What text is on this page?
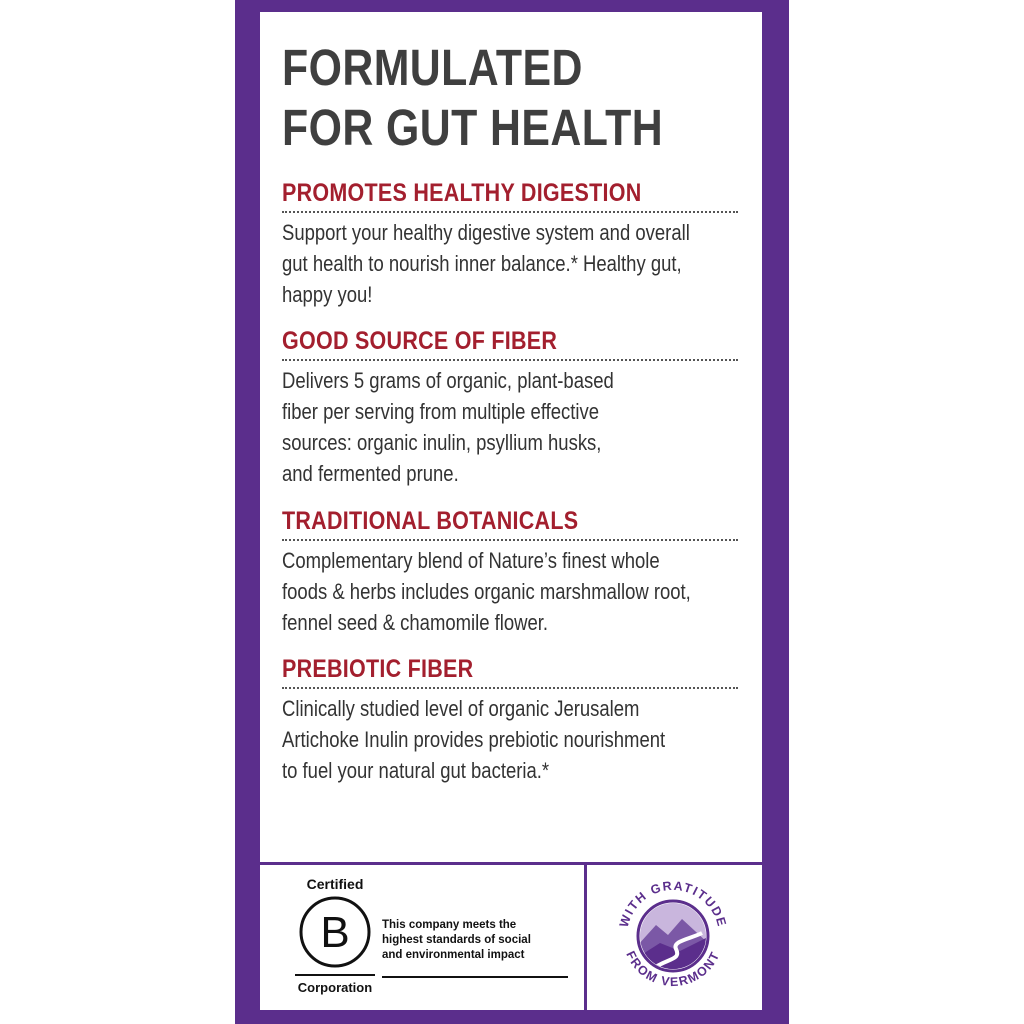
FORMULATED
FOR GUT HEALTH
PROMOTES HEALTHY DIGESTION
Support your healthy digestive system and overall
gut health to nourish inner balance.* Healthy gut,
happy you!
GOOD SOURCE OF FIBER
Delivers 5 grams of organic, plant-based
fiber per serving from multiple effective
sources: organic inulin, psyllium husks,
and fermented prune.
TRADITIONAL BOTANICALS
Complementary blend of Nature’s finest whole
foods & herbs includes organic marshmallow root,
fennel seed & chamomile flower.
PREBIOTIC FIBER
Clinically studied level of organic Jerusalem
Artichoke Inulin provides prebiotic nourishment
to fuel your natural gut bacteria.*
Certified
B
Corporation
This company meets the
highest standards of social
and environmental impact
WITH GRATITUDE
FROM VERMONT
